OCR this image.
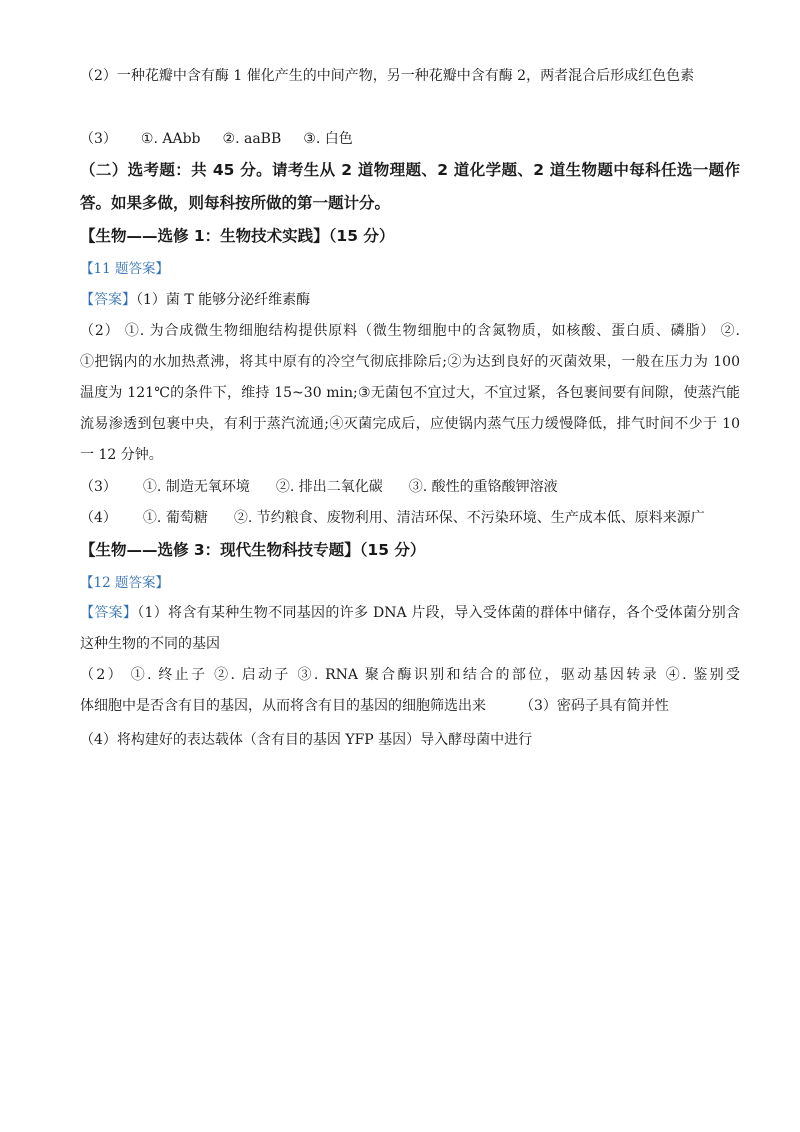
（2）一种花瓣中含有酶 1 催化产生的中间产物，另一种花瓣中含有酶 2，两者混合后形成红色色素
（3） ①. AAbb ②. aaBB ③. 白色
（二）选考题：共 45 分。请考生从 2 道物理题、2 道化学题、2 道生物题中每科任选一题作
答。如果多做，则每科按所做的第一题计分。
【生物——选修 1：生物技术实践】（15 分）
【11 题答案】
【答案】（1）菌 T 能够分泌纤维素酶
（2） ①. 为合成微生物细胞结构提供原料（微生物细胞中的含氮物质，如核酸、蛋白质、磷脂） ②.
①把锅内的水加热煮沸，将其中原有的冷空气彻底排除后;②为达到良好的灭菌效果，一般在压力为 100
温度为 121℃的条件下，维持 15~30 min;③无菌包不宜过大，不宜过紧，各包裹间要有间隙，使蒸汽能
流易渗透到包裹中央，有利于蒸汽流通;④灭菌完成后，应使锅内蒸气压力缓慢降低，排气时间不少于 10
一 12 分钟。
（3） ①. 制造无氧环境 ②. 排出二氧化碳 ③. 酸性的重铬酸钾溶液
（4） ①. 葡萄糖 ②. 节约粮食、废物利用、清洁环保、不污染环境、生产成本低、原料来源广
【生物——选修 3：现代生物科技专题】（15 分）
【12 题答案】
【答案】（1）将含有某种生物不同基因的许多 DNA 片段，导入受体菌的群体中储存，各个受体菌分别含
这种生物的不同的基因
（2） ①. 终止子 ②. 启动子 ③. RNA 聚合酶识别和结合的部位，驱动基因转录 ④. 鉴别受
体细胞中是否含有目的基因，从而将含有目的基因的细胞筛选出来 （3）密码子具有简并性
（4）将构建好的表达载体（含有目的基因 YFP 基因）导入酵母菌中进行
